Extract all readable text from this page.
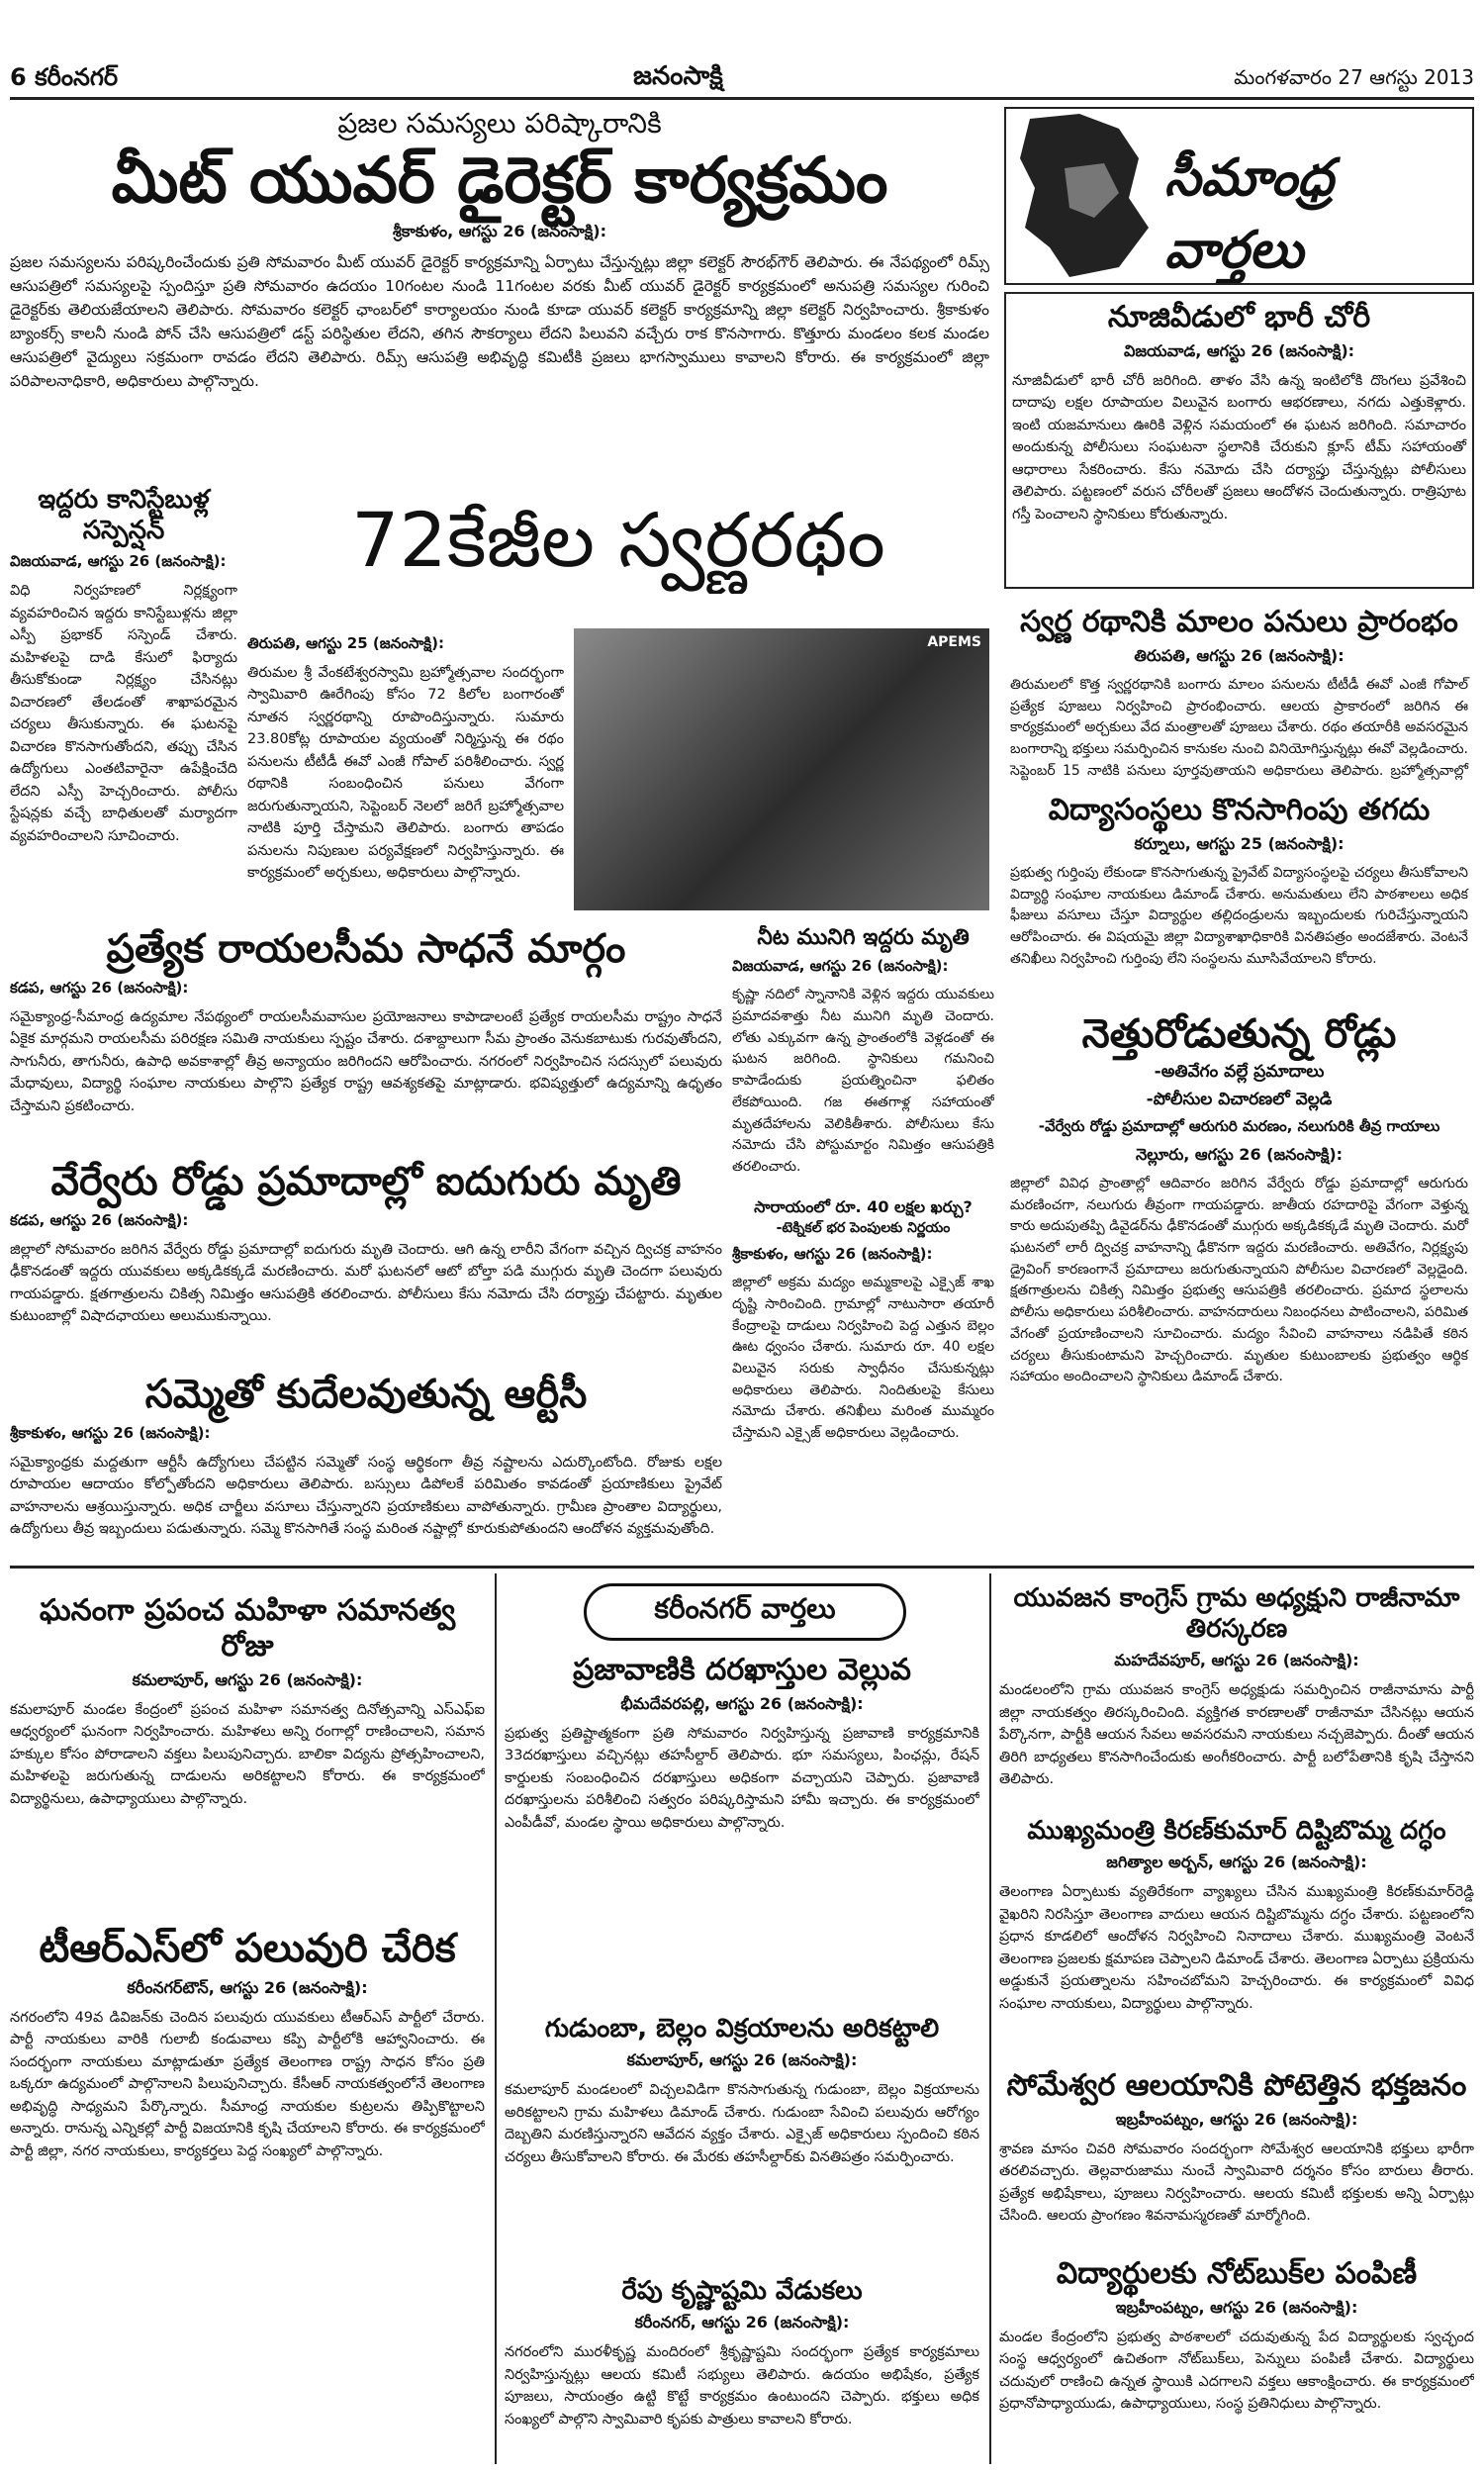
6 కరీంనగర్	జనంసాక్షి	మంగళవారం 27 ఆగస్టు 2013
ప్రజల సమస్యలు పరిష్కారానికి
మీట్ యువర్ డైరెక్టర్ కార్యక్రమం
శ్రీకాకుళం, ఆగస్టు 26 (జనంసాక్షి):
ప్రజల సమస్యలను పరిష్కరించేందుకు ప్రతి సోమవారం మీట్ యువర్ డైరెక్టర్ కార్యక్రమాన్ని ఏర్పాటు చేస్తున్నట్లు జిల్లా కలెక్టర్ సౌరభ్‌గౌర్ తెలిపారు. ఈ నేపథ్యంలో రిమ్స్ ఆసుపత్రిలో సమస్యలపై స్పందిస్తూ ప్రతి సోమవారం ఉదయం 10గంటల నుండి 11గంటల వరకు మీట్ యువర్ డైరెక్టర్ కార్యక్రమంలో అనుపత్రి సమస్యల గురించి డైరెక్టర్‌కు తెలియజేయాలని తెలిపారు. సోమవారం కలెక్టర్ ఛాంబర్‌లో కార్యాలయం నుండి కూడా యువర్ కలెక్టర్ కార్యక్రమాన్ని జిల్లా కలెక్టర్ నిర్వహించారు. శ్రీకాకుళం బ్యాంకర్స్ కాలనీ నుండి పోన్ చేసి ఆసుపత్రిలో డస్ట్ పరిస్థితుల లేదని, తగిన సౌకర్యాలు లేదని పిలువని వచ్చేరు రాక కొనసాగారు. కొత్తూరు మండలం కలక మండల ఆసుపత్రిలో వైద్యులు సక్రమంగా రావడం లేదని తెలిపారు. రిమ్స్ ఆసుపత్రి అభివృద్ధి కమిటీకి ప్రజలు భాగస్వాములు కావాలని కోరారు. ఈ కార్యక్రమంలో జిల్లా పరిపాలనాధికారి, అధికారులు పాల్గొన్నారు.
సీమాంధ్ర వార్తలు
ఇద్దరు కానిస్టేబుళ్ల సస్పెన్షన్
విజయవాడ, ఆగస్టు 26 (జనంసాక్షి):
విధి నిర్వహణలో నిర్లక్ష్యంగా వ్యవహరించిన ఇద్దరు కానిస్టేబుళ్లను జిల్లా ఎస్పీ ప్రభాకర్ సస్పెండ్ చేశారు. మహిళలపై దాడి కేసులో ఫిర్యాదు తీసుకోకుండా నిర్లక్ష్యం చేసినట్లు విచారణలో తేలడంతో శాఖాపరమైన చర్యలు తీసుకున్నారు. ఈ ఘటనపై విచారణ కొనసాగుతోందని, తప్పు చేసిన ఉద్యోగులు ఎంతటివారైనా ఉపేక్షించేది లేదని ఎస్పీ హెచ్చరించారు. పోలీసు స్టేషన్లకు వచ్చే బాధితులతో మర్యాదగా వ్యవహరించాలని సూచించారు.
72కేజీల స్వర్ణరథం
తిరుపతి, ఆగస్టు 25 (జనంసాక్షి):
తిరుమల శ్రీ వేంకటేశ్వరస్వామి బ్రహ్మోత్సవాల సందర్భంగా స్వామివారి ఊరేగింపు కోసం 72 కిలోల బంగారంతో నూతన స్వర్ణరథాన్ని రూపొందిస్తున్నారు. సుమారు 23.80కోట్ల రూపాయల వ్యయంతో నిర్మిస్తున్న ఈ రథం పనులను టీటీడీ ఈవో ఎంజీ గోపాల్ పరిశీలించారు. స్వర్ణ రథానికి సంబంధించిన పనులు వేగంగా జరుగుతున్నాయని, సెప్టెంబర్ నెలలో జరిగే బ్రహ్మోత్సవాల నాటికి పూర్తి చేస్తామని తెలిపారు. బంగారు తాపడం పనులను నిపుణుల పర్యవేక్షణలో నిర్వహిస్తున్నారు. ఈ కార్యక్రమంలో అర్చకులు, అధికారులు పాల్గొన్నారు.
APEMS
నూజివీడులో భారీ చోరీ
విజయవాడ, ఆగస్టు 26 (జనంసాక్షి):
నూజివీడులో భారీ చోరీ జరిగింది. తాళం వేసి ఉన్న ఇంటిలోకి దొంగలు ప్రవేశించి దాదాపు లక్షల రూపాయల విలువైన బంగారు ఆభరణాలు, నగదు ఎత్తుకెళ్లారు. ఇంటి యజమానులు ఊరికి వెళ్లిన సమయంలో ఈ ఘటన జరిగింది. సమాచారం అందుకున్న పోలీసులు సంఘటనా స్థలానికి చేరుకుని క్లూస్ టీమ్ సహాయంతో ఆధారాలు సేకరించారు. కేసు నమోదు చేసి దర్యాప్తు చేస్తున్నట్లు పోలీసులు తెలిపారు. పట్టణంలో వరుస చోరీలతో ప్రజలు ఆందోళన చెందుతున్నారు. రాత్రిపూట గస్తీ పెంచాలని స్థానికులు కోరుతున్నారు.
స్వర్ణ రథానికి మాలం పనులు ప్రారంభం
తిరుపతి, ఆగస్టు 26 (జనంసాక్షి):
తిరుమలలో కొత్త స్వర్ణరథానికి బంగారు మాలం పనులను టీటీడీ ఈవో ఎంజీ గోపాల్ ప్రత్యేక పూజలు నిర్వహించి ప్రారంభించారు. ఆలయ ప్రాకారంలో జరిగిన ఈ కార్యక్రమంలో అర్చకులు వేద మంత్రాలతో పూజలు చేశారు. రథం తయారీకి అవసరమైన బంగారాన్ని భక్తులు సమర్పించిన కానుకల నుంచి వినియోగిస్తున్నట్లు ఈవో వెల్లడించారు. సెప్టెంబర్ 15 నాటికి పనులు పూర్తవుతాయని అధికారులు తెలిపారు. బ్రహ్మోత్సవాల్లో
విద్యాసంస్థలు కొనసాగింపు తగదు
కర్నూలు, ఆగస్టు 25 (జనంసాక్షి):
ప్రభుత్వ గుర్తింపు లేకుండా కొనసాగుతున్న ప్రైవేట్ విద్యాసంస్థలపై చర్యలు తీసుకోవాలని విద్యార్థి సంఘాల నాయకులు డిమాండ్ చేశారు. అనుమతులు లేని పాఠశాలలు అధిక ఫీజులు వసూలు చేస్తూ విద్యార్థుల తల్లిదండ్రులను ఇబ్బందులకు గురిచేస్తున్నాయని ఆరోపించారు. ఈ విషయమై జిల్లా విద్యాశాఖాధికారికి వినతిపత్రం అందజేశారు. వెంటనే తనిఖీలు నిర్వహించి గుర్తింపు లేని సంస్థలను మూసివేయాలని కోరారు.
ప్రత్యేక రాయలసీమ సాధనే మార్గం
కడప, ఆగస్టు 26 (జనంసాక్షి):
సమైక్యాంధ్ర-సీమాంధ్ర ఉద్యమాల నేపథ్యంలో రాయలసీమవాసుల ప్రయోజనాలు కాపాడాలంటే ప్రత్యేక రాయలసీమ రాష్ట్రం సాధనే ఏకైక మార్గమని రాయలసీమ పరిరక్షణ సమితి నాయకులు స్పష్టం చేశారు. దశాబ్దాలుగా సీమ ప్రాంతం వెనుకబాటుకు గురవుతోందని, సాగునీరు, తాగునీరు, ఉపాధి అవకాశాల్లో తీవ్ర అన్యాయం జరిగిందని ఆరోపించారు. నగరంలో నిర్వహించిన సదస్సులో పలువురు మేధావులు, విద్యార్థి సంఘాల నాయకులు పాల్గొని ప్రత్యేక రాష్ట్ర ఆవశ్యకతపై మాట్లాడారు. భవిష్యత్తులో ఉద్యమాన్ని ఉధృతం చేస్తామని ప్రకటించారు.
వేర్వేరు రోడ్డు ప్రమాదాల్లో ఐదుగురు మృతి
కడప, ఆగస్టు 26 (జనంసాక్షి):
జిల్లాలో సోమవారం జరిగిన వేర్వేరు రోడ్డు ప్రమాదాల్లో ఐదుగురు మృతి చెందారు. ఆగి ఉన్న లారీని వేగంగా వచ్చిన ద్విచక్ర వాహనం ఢీకొనడంతో ఇద్దరు యువకులు అక్కడికక్కడే మరణించారు. మరో ఘటనలో ఆటో బోల్తా పడి ముగ్గురు మృతి చెందగా పలువురు గాయపడ్డారు. క్షతగాత్రులను చికిత్స నిమిత్తం ఆసుపత్రికి తరలించారు. పోలీసులు కేసు నమోదు చేసి దర్యాప్తు చేపట్టారు. మృతుల కుటుంబాల్లో విషాదఛాయలు అలుముకున్నాయి.
సమ్మెతో కుదేలవుతున్న ఆర్టీసీ
శ్రీకాకుళం, ఆగస్టు 26 (జనంసాక్షి):
సమైక్యాంధ్రకు మద్దతుగా ఆర్టీసీ ఉద్యోగులు చేపట్టిన సమ్మెతో సంస్థ ఆర్థికంగా తీవ్ర నష్టాలను ఎదుర్కొంటోంది. రోజుకు లక్షల రూపాయల ఆదాయం కోల్పోతోందని అధికారులు తెలిపారు. బస్సులు డిపోలకే పరిమితం కావడంతో ప్రయాణికులు ప్రైవేట్ వాహనాలను ఆశ్రయిస్తున్నారు. అధిక చార్జీలు వసూలు చేస్తున్నారని ప్రయాణికులు వాపోతున్నారు. గ్రామీణ ప్రాంతాల విద్యార్థులు, ఉద్యోగులు తీవ్ర ఇబ్బందులు పడుతున్నారు. సమ్మె కొనసాగితే సంస్థ మరింత నష్టాల్లో కూరుకుపోతుందని ఆందోళన వ్యక్తమవుతోంది.
నీట మునిగి ఇద్దరు మృతి
విజయవాడ, ఆగస్టు 26 (జనంసాక్షి):
కృష్ణా నదిలో స్నానానికి వెళ్లిన ఇద్దరు యువకులు ప్రమాదవశాత్తు నీట మునిగి మృతి చెందారు. లోతు ఎక్కువగా ఉన్న ప్రాంతంలోకి వెళ్లడంతో ఈ ఘటన జరిగింది. స్థానికులు గమనించి కాపాడేందుకు ప్రయత్నించినా ఫలితం లేకపోయింది. గజ ఈతగాళ్ల సహాయంతో మృతదేహాలను వెలికితీశారు. పోలీసులు కేసు నమోదు చేసి పోస్టుమార్టం నిమిత్తం ఆసుపత్రికి తరలించారు.
సారాయంలో రూ. 40 లక్షల ఖర్చు?
-టెక్నికల్ భర పెంపులకు నిర్ణయం
శ్రీకాకుళం, ఆగస్టు 26 (జనంసాక్షి):
జిల్లాలో అక్రమ మద్యం అమ్మకాలపై ఎక్సైజ్ శాఖ దృష్టి సారించింది. గ్రామాల్లో నాటుసారా తయారీ కేంద్రాలపై దాడులు నిర్వహించి పెద్ద ఎత్తున బెల్లం ఊట ధ్వంసం చేశారు. సుమారు రూ. 40 లక్షల విలువైన సరుకు స్వాధీనం చేసుకున్నట్లు అధికారులు తెలిపారు. నిందితులపై కేసులు నమోదు చేశారు. తనిఖీలు మరింత ముమ్మరం చేస్తామని ఎక్సైజ్ అధికారులు వెల్లడించారు.
నెత్తురోడుతున్న రోడ్లు
-అతివేగం వల్లే ప్రమాదాలు
-పోలీసుల విచారణలో వెల్లడి
-వేర్వేరు రోడ్డు ప్రమాదాల్లో ఆరుగురి మరణం, నలుగురికి తీవ్ర గాయాలు
నెల్లూరు, ఆగస్టు 26 (జనంసాక్షి):
జిల్లాలో వివిధ ప్రాంతాల్లో ఆదివారం జరిగిన వేర్వేరు రోడ్డు ప్రమాదాల్లో ఆరుగురు మరణించగా, నలుగురు తీవ్రంగా గాయపడ్డారు. జాతీయ రహదారిపై వేగంగా వెళ్తున్న కారు అదుపుతప్పి డివైడర్‌ను ఢీకొనడంతో ముగ్గురు అక్కడికక్కడే మృతి చెందారు. మరో ఘటనలో లారీ ద్విచక్ర వాహనాన్ని ఢీకొనగా ఇద్దరు మరణించారు. అతివేగం, నిర్లక్ష్యపు డ్రైవింగ్ కారణంగానే ప్రమాదాలు జరుగుతున్నాయని పోలీసుల విచారణలో వెల్లడైంది. క్షతగాత్రులను చికిత్స నిమిత్తం ప్రభుత్వ ఆసుపత్రికి తరలించారు. ప్రమాద స్థలాలను పోలీసు అధికారులు పరిశీలించారు. వాహనదారులు నిబంధనలు పాటించాలని, పరిమిత వేగంతో ప్రయాణించాలని సూచించారు. మద్యం సేవించి వాహనాలు నడిపితే కఠిన చర్యలు తీసుకుంటామని హెచ్చరించారు. మృతుల కుటుంబాలకు ప్రభుత్వం ఆర్థిక సహాయం అందించాలని స్థానికులు డిమాండ్ చేశారు.
కరీంనగర్ వార్తలు
ఘనంగా ప్రపంచ మహిళా సమానత్వ రోజు
కమలాపూర్, ఆగస్టు 26 (జనంసాక్షి):
కమలాపూర్ మండల కేంద్రంలో ప్రపంచ మహిళా సమానత్వ దినోత్సవాన్ని ఎస్ఎఫ్ఐ ఆధ్వర్యంలో ఘనంగా నిర్వహించారు. మహిళలు అన్ని రంగాల్లో రాణించాలని, సమాన హక్కుల కోసం పోరాడాలని వక్తలు పిలుపునిచ్చారు. బాలికా విద్యను ప్రోత్సహించాలని, మహిళలపై జరుగుతున్న దాడులను అరికట్టాలని కోరారు. ఈ కార్యక్రమంలో విద్యార్థినులు, ఉపాధ్యాయులు పాల్గొన్నారు.
టీఆర్ఎస్‌లో పలువురి చేరిక
కరీంనగర్‌టౌన్, ఆగస్టు 26 (జనంసాక్షి):
నగరంలోని 49వ డివిజన్‌కు చెందిన పలువురు యువకులు టీఆర్ఎస్ పార్టీలో చేరారు. పార్టీ నాయకులు వారికి గులాబీ కండువాలు కప్పి పార్టీలోకి ఆహ్వానించారు. ఈ సందర్భంగా నాయకులు మాట్లాడుతూ ప్రత్యేక తెలంగాణ రాష్ట్ర సాధన కోసం ప్రతి ఒక్కరూ ఉద్యమంలో పాల్గొనాలని పిలుపునిచ్చారు. కేసీఆర్ నాయకత్వంలోనే తెలంగాణ అభివృద్ధి సాధ్యమని పేర్కొన్నారు. సీమాంధ్ర నాయకుల కుట్రలను తిప్పికొట్టాలని అన్నారు. రానున్న ఎన్నికల్లో పార్టీ విజయానికి కృషి చేయాలని కోరారు. ఈ కార్యక్రమంలో పార్టీ జిల్లా, నగర నాయకులు, కార్యకర్తలు పెద్ద సంఖ్యలో పాల్గొన్నారు.
ప్రజావాణికి దరఖాస్తుల వెల్లువ
భీమదేవరపల్లి, ఆగస్టు 26 (జనంసాక్షి):
ప్రభుత్వ ప్రతిష్టాత్మకంగా ప్రతి సోమవారం నిర్వహిస్తున్న ప్రజావాణి కార్యక్రమానికి 33దరఖాస్తులు వచ్చినట్లు తహసీల్దార్ తెలిపారు. భూ సమస్యలు, పింఛన్లు, రేషన్ కార్డులకు సంబంధించిన దరఖాస్తులు అధికంగా వచ్చాయని చెప్పారు. ప్రజావాణి దరఖాస్తులను పరిశీలించి సత్వరం పరిష్కరిస్తామని హామీ ఇచ్చారు. ఈ కార్యక్రమంలో ఎంపీడీవో, మండల స్థాయి అధికారులు పాల్గొన్నారు.
గుడుంబా, బెల్లం విక్రయాలను అరికట్టాలి
కమలాపూర్, ఆగస్టు 26 (జనంసాక్షి):
కమలాపూర్ మండలంలో విచ్చలవిడిగా కొనసాగుతున్న గుడుంబా, బెల్లం విక్రయాలను అరికట్టాలని గ్రామ మహిళలు డిమాండ్ చేశారు. గుడుంబా సేవించి పలువురు ఆరోగ్యం దెబ్బతిని మరణిస్తున్నారని ఆవేదన వ్యక్తం చేశారు. ఎక్సైజ్ అధికారులు స్పందించి కఠిన చర్యలు తీసుకోవాలని కోరారు. ఈ మేరకు తహసీల్దార్‌కు వినతిపత్రం సమర్పించారు.
రేపు కృష్ణాష్టమి వేడుకలు
కరీంనగర్, ఆగస్టు 26 (జనంసాక్షి):
నగరంలోని మురళీకృష్ణ మందిరంలో శ్రీకృష్ణాష్టమి సందర్భంగా ప్రత్యేక కార్యక్రమాలు నిర్వహిస్తున్నట్లు ఆలయ కమిటీ సభ్యులు తెలిపారు. ఉదయం అభిషేకం, ప్రత్యేక పూజలు, సాయంత్రం ఉట్టి కొట్టే కార్యక్రమం ఉంటుందని చెప్పారు. భక్తులు అధిక సంఖ్యలో పాల్గొని స్వామివారి కృపకు పాత్రులు కావాలని కోరారు.
యువజన కాంగ్రెస్ గ్రామ అధ్యక్షుని రాజీనామా తిరస్కరణ
మహదేవపూర్, ఆగస్టు 26 (జనంసాక్షి):
మండలంలోని గ్రామ యువజన కాంగ్రెస్ అధ్యక్షుడు సమర్పించిన రాజీనామాను పార్టీ జిల్లా నాయకత్వం తిరస్కరించింది. వ్యక్తిగత కారణాలతో రాజీనామా చేసినట్లు ఆయన పేర్కొనగా, పార్టీకి ఆయన సేవలు అవసరమని నాయకులు నచ్చజెప్పారు. దీంతో ఆయన తిరిగి బాధ్యతలు కొనసాగించేందుకు అంగీకరించారు. పార్టీ బలోపేతానికి కృషి చేస్తానని తెలిపారు.
ముఖ్యమంత్రి కిరణ్‌కుమార్ దిష్టిబొమ్మ దగ్ధం
జగిత్యాల అర్బన్, ఆగస్టు 26 (జనంసాక్షి):
తెలంగాణ ఏర్పాటుకు వ్యతిరేకంగా వ్యాఖ్యలు చేసిన ముఖ్యమంత్రి కిరణ్‌కుమార్‌రెడ్డి వైఖరిని నిరసిస్తూ తెలంగాణ వాదులు ఆయన దిష్టిబొమ్మను దగ్ధం చేశారు. పట్టణంలోని ప్రధాన కూడలిలో ఆందోళన నిర్వహించి నినాదాలు చేశారు. ముఖ్యమంత్రి వెంటనే తెలంగాణ ప్రజలకు క్షమాపణ చెప్పాలని డిమాండ్ చేశారు. తెలంగాణ ఏర్పాటు ప్రక్రియను అడ్డుకునే ప్రయత్నాలను సహించబోమని హెచ్చరించారు. ఈ కార్యక్రమంలో వివిధ సంఘాల నాయకులు, విద్యార్థులు పాల్గొన్నారు.
సోమేశ్వర ఆలయానికి పోటెత్తిన భక్తజనం
ఇబ్రహీంపట్నం, ఆగస్టు 26 (జనంసాక్షి):
శ్రావణ మాసం చివరి సోమవారం సందర్భంగా సోమేశ్వర ఆలయానికి భక్తులు భారీగా తరలివచ్చారు. తెల్లవారుజాము నుంచే స్వామివారి దర్శనం కోసం బారులు తీరారు. ప్రత్యేక అభిషేకాలు, పూజలు నిర్వహించారు. ఆలయ కమిటీ భక్తులకు అన్ని ఏర్పాట్లు చేసింది. ఆలయ ప్రాంగణం శివనామస్మరణతో మార్మోగింది.
విద్యార్థులకు నోట్‌బుక్‌ల పంపిణీ
ఇబ్రహీంపట్నం, ఆగస్టు 26 (జనంసాక్షి):
మండల కేంద్రంలోని ప్రభుత్వ పాఠశాలలో చదువుతున్న పేద విద్యార్థులకు స్వచ్ఛంద సంస్థ ఆధ్వర్యంలో ఉచితంగా నోట్‌బుక్‌లు, పెన్నులు పంపిణీ చేశారు. విద్యార్థులు చదువులో రాణించి ఉన్నత స్థాయికి ఎదగాలని వక్తలు ఆకాంక్షించారు. ఈ కార్యక్రమంలో ప్రధానోపాధ్యాయుడు, ఉపాధ్యాయులు, సంస్థ ప్రతినిధులు పాల్గొన్నారు.
